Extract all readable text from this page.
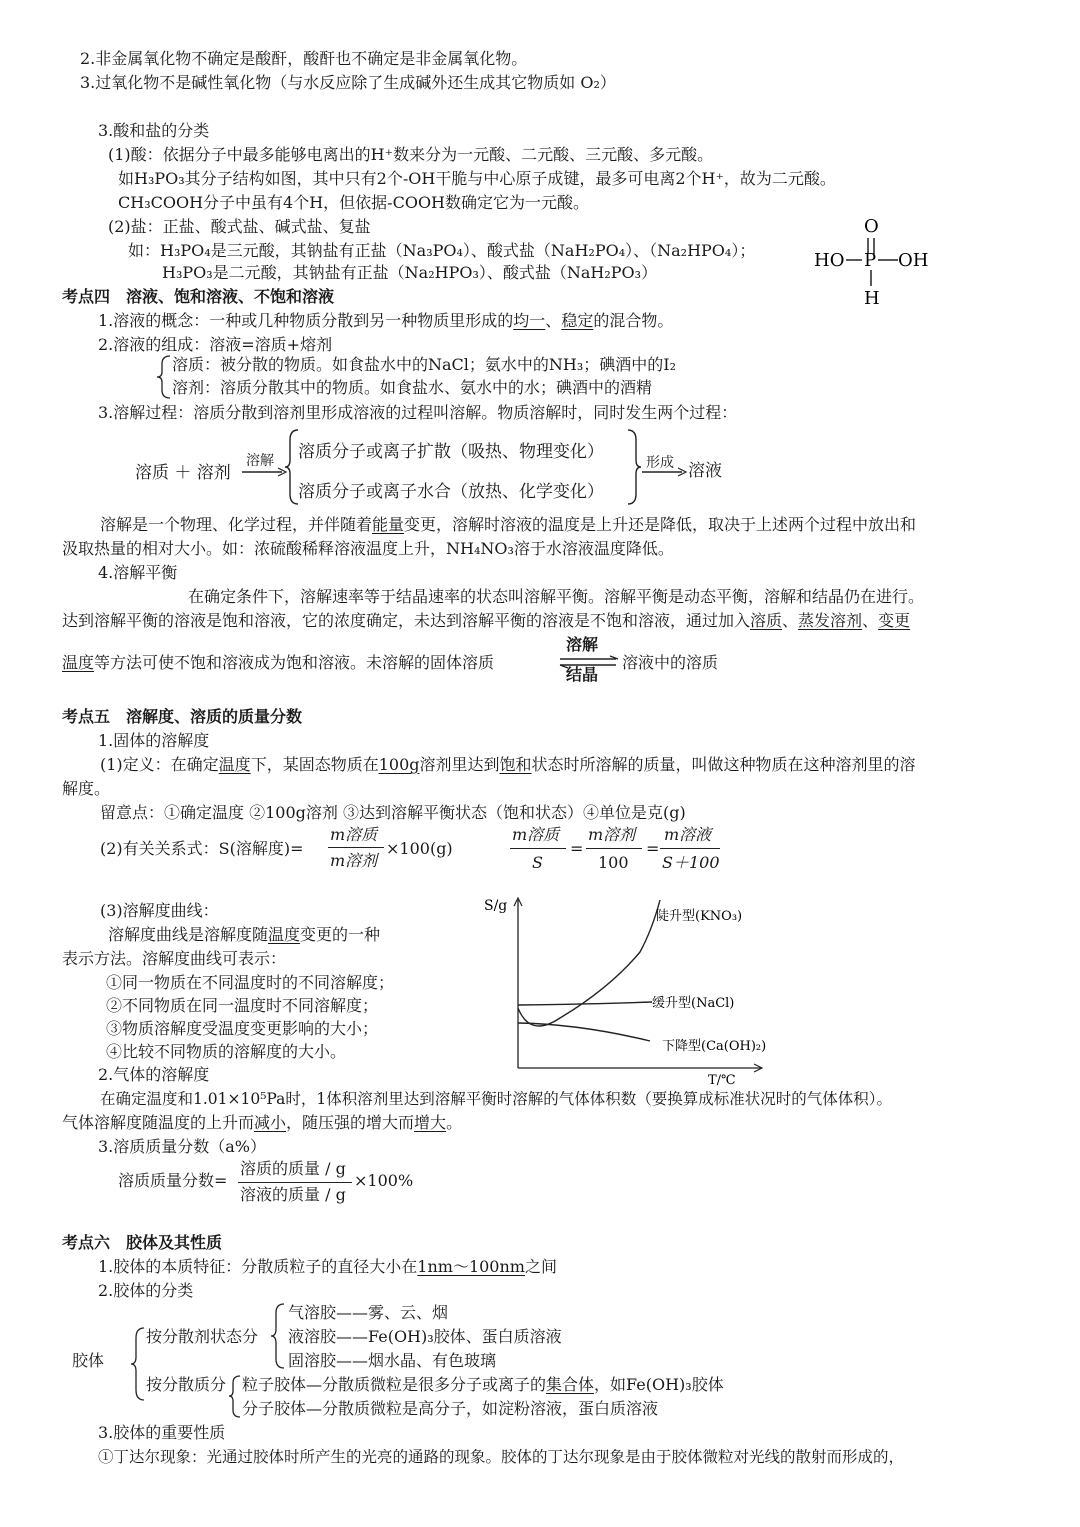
2.非金属氧化物不确定是酸酐，酸酐也不确定是非金属氧化物。
3.过氧化物不是碱性氧化物（与水反应除了生成碱外还生成其它物质如 O₂）
3.酸和盐的分类
(1)酸：依据分子中最多能够电离出的H⁺数来分为一元酸、二元酸、三元酸、多元酸。
如H₃PO₃其分子结构如图，其中只有2个-OH干脆与中心原子成键，最多可电离2个H⁺，故为二元酸。
CH₃COOH分子中虽有4个H，但依据-COOH数确定它为一元酸。
(2)盐：正盐、酸式盐、碱式盐、复盐
如：H₃PO₄是三元酸，其钠盐有正盐（Na₃PO₄）、酸式盐（NaH₂PO₄）、（Na₂HPO₄）；
H₃PO₃是二元酸，其钠盐有正盐（Na₂HPO₃）、酸式盐（NaH₂PO₃）
O
HO P OH
H
考点四　溶液、饱和溶液、不饱和溶液
1.溶液的概念：一种或几种物质分散到另一种物质里形成的均一、稳定的混合物。
2.溶液的组成：溶液=溶质+熔剂
溶质：被分散的物质。如食盐水中的NaCl；氨水中的NH₃；碘酒中的I₂
溶剂：溶质分散其中的物质。如食盐水、氨水中的水；碘酒中的酒精
3.溶解过程：溶质分散到溶剂里形成溶液的过程叫溶解。物质溶解时，同时发生两个过程：
溶质 ＋ 溶剂
溶解 溶质分子或离子扩散（吸热、物理变化）
溶质分子或离子水合（放热、化学变化）
形成 溶液
溶解是一个物理、化学过程，并伴随着能量变更，溶解时溶液的温度是上升还是降低，取决于上述两个过程中放出和
汲取热量的相对大小。如：浓硫酸稀释溶液温度上升，NH₄NO₃溶于水溶液温度降低。
4.溶解平衡
在确定条件下，溶解速率等于结晶速率的状态叫溶解平衡。溶解平衡是动态平衡，溶解和结晶仍在进行。
达到溶解平衡的溶液是饱和溶液，它的浓度确定，未达到溶解平衡的溶液是不饱和溶液，通过加入溶质、蒸发溶剂、变更
温度等方法可使不饱和溶液成为饱和溶液。未溶解的固体溶质
溶解
结晶
溶液中的溶质
考点五　溶解度、溶质的质量分数
1.固体的溶解度
(1)定义：在确定温度下，某固态物质在100g溶剂里达到饱和状态时所溶解的质量，叫做这种物质在这种溶剂里的溶
解度。
留意点：①确定温度 ②100g溶剂 ③达到溶解平衡状态（饱和状态）④单位是克(g)
(2)有关关系式：S(溶解度)=
m溶质
m溶剂
×100(g)
m溶质
S
=
m溶剂
100
=
m溶液
S＋100
(3)溶解度曲线：
溶解度曲线是溶解度随温度变更的一种
表示方法。溶解度曲线可表示：
①同一物质在不同温度时的不同溶解度；
②不同物质在同一温度时不同溶解度；
③物质溶解度受温度变更影响的大小；
④比较不同物质的溶解度的大小。
S/g
T/℃
陡升型(KNO₃)
缓升型(NaCl)
下降型(Ca(OH)₂)
2.气体的溶解度
在确定温度和1.01×10⁵Pa时，1体积溶剂里达到溶解平衡时溶解的气体体积数（要换算成标准状况时的气体体积）。
气体溶解度随温度的上升而减小，随压强的增大而增大。
3.溶质质量分数（a%）
溶质质量分数=
溶质的质量 / g
溶液的质量 / g
×100%
考点六　胶体及其性质
1.胶体的本质特征：分散质粒子的直径大小在1nm～100nm之间
2.胶体的分类
胶体
按分散剂状态分
气溶胶——雾、云、烟
液溶胶——Fe(OH)₃胶体、蛋白质溶液
固溶胶——烟水晶、有色玻璃
按分散质分 粒子胶体—分散质微粒是很多分子或离子的集合体，如Fe(OH)₃胶体
分子胶体—分散质微粒是高分子，如淀粉溶液，蛋白质溶液
3.胶体的重要性质
①丁达尔现象：光通过胶体时所产生的光亮的通路的现象。胶体的丁达尔现象是由于胶体微粒对光线的散射而形成的，
